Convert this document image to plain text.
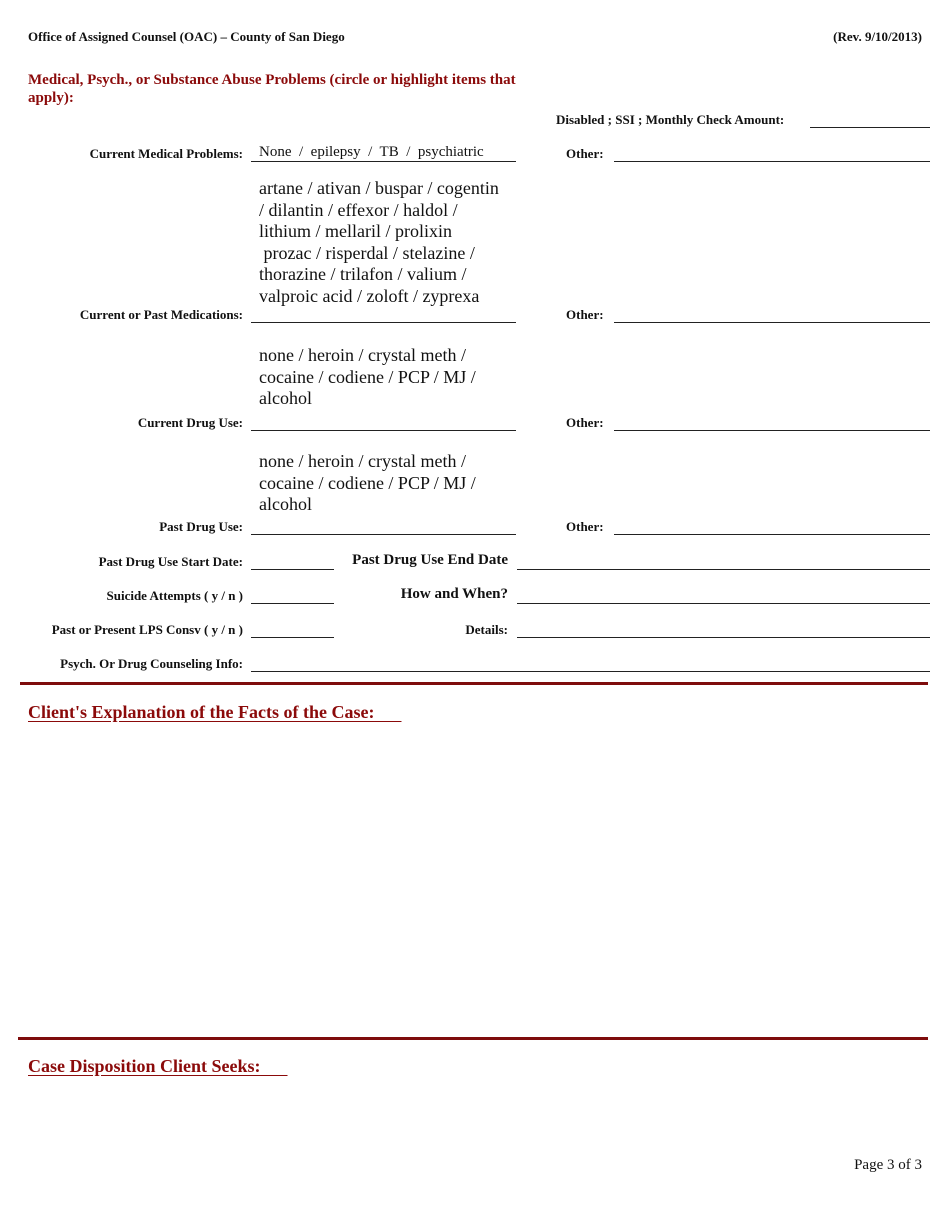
Office of Assigned Counsel (OAC) – County of San Diego	(Rev. 9/10/2013)
Medical, Psych., or Substance Abuse Problems (circle or highlight items that apply):
Disabled ; SSI ; Monthly Check Amount:
Current Medical Problems: None  /  epilepsy  /  TB  /  psychiatric	Other:
artane / ativan / buspar / cogentin
/ dilantin / effexor / haldol /
lithium / mellaril / prolixin
prozac / risperdal / stelazine /
thorazine / trilafon / valium /
valproic acid / zoloft / zyprexa
Current or Past Medications:	Other:
none / heroin / crystal meth /
cocaine / codiene / PCP / MJ /
alcohol
Current Drug Use:	Other:
none / heroin / crystal meth /
cocaine / codiene / PCP / MJ /
alcohol
Past Drug Use:	Other:
Past Drug Use Start Date:	Past Drug Use End Date
Suicide Attempts ( y / n )	How and When?
Past or Present LPS Consv ( y / n )	Details:
Psych. Or Drug Counseling Info:
Client's Explanation of the Facts of the Case:
Case Disposition Client Seeks:
Page 3 of 3
